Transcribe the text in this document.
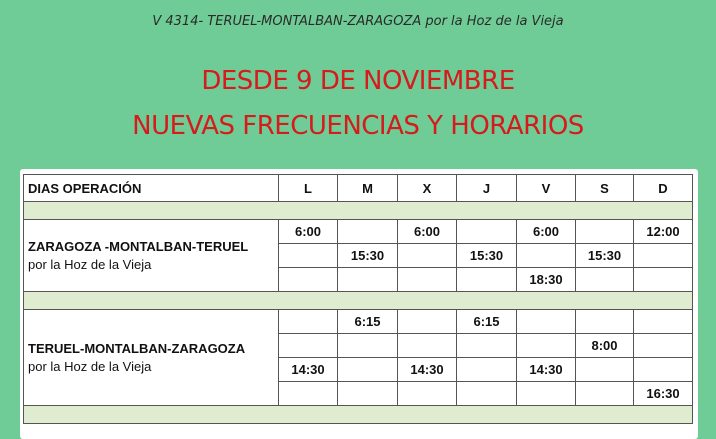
V 4314- TERUEL-MONTALBAN-ZARAGOZA por la Hoz de la Vieja
DESDE 9 DE NOVIEMBRE
NUEVAS FRECUENCIAS Y HORARIOS
DIAS OPERACIÓN	L	M	X	J	V	S	D

ZARAGOZA -MONTALBAN-TERUEL
por la Hoz de la Vieja	6:00		6:00		6:00		12:00
		15:30		15:30		15:30	
					18:30		

TERUEL-MONTALBAN-ZARAGOZA
por la Hoz de la Vieja		6:15		6:15			
						8:00	
	14:30		14:30		14:30		
							16:30
